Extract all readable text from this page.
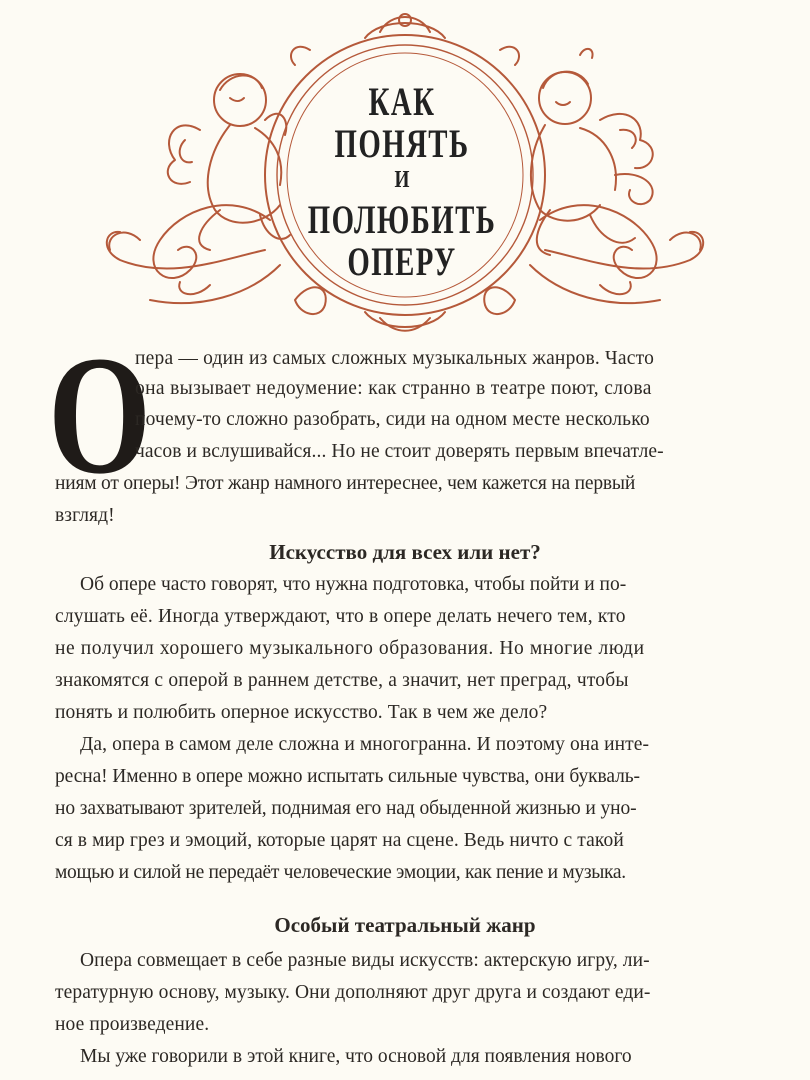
КАК
ПОНЯТЬ
И
ПОЛЮБИТЬ
ОПЕРУ
О
пера — один из самых сложных музыкальных жанров. Часто
она вызывает недоумение: как странно в театре поют, слова
почему-то сложно разобрать, сиди на одном месте несколько
часов и вслушивайся... Но не стоит доверять первым впечатле-
ниям от оперы! Этот жанр намного интереснее, чем кажется на первый
взгляд!
Искусство для всех или нет?
Об опере часто говорят, что нужна подготовка, чтобы пойти и по-
слушать её. Иногда утверждают, что в опере делать нечего тем, кто
не получил хорошего музыкального образования. Но многие люди
знакомятся с оперой в раннем детстве, а значит, нет преград, чтобы
понять и полюбить оперное искусство. Так в чем же дело?
Да, опера в самом деле сложна и многогранна. И поэтому она инте-
ресна! Именно в опере можно испытать сильные чувства, они букваль-
но захватывают зрителей, поднимая его над обыденной жизнью и уно-
ся в мир грез и эмоций, которые царят на сцене. Ведь ничто с такой
мощью и силой не передаёт человеческие эмоции, как пение и музыка.
Особый театральный жанр
Опера совмещает в себе разные виды искусств: актерскую игру, ли-
тературную основу, музыку. Они дополняют друг друга и создают еди-
ное произведение.
Мы уже говорили в этой книге, что основой для появления нового
